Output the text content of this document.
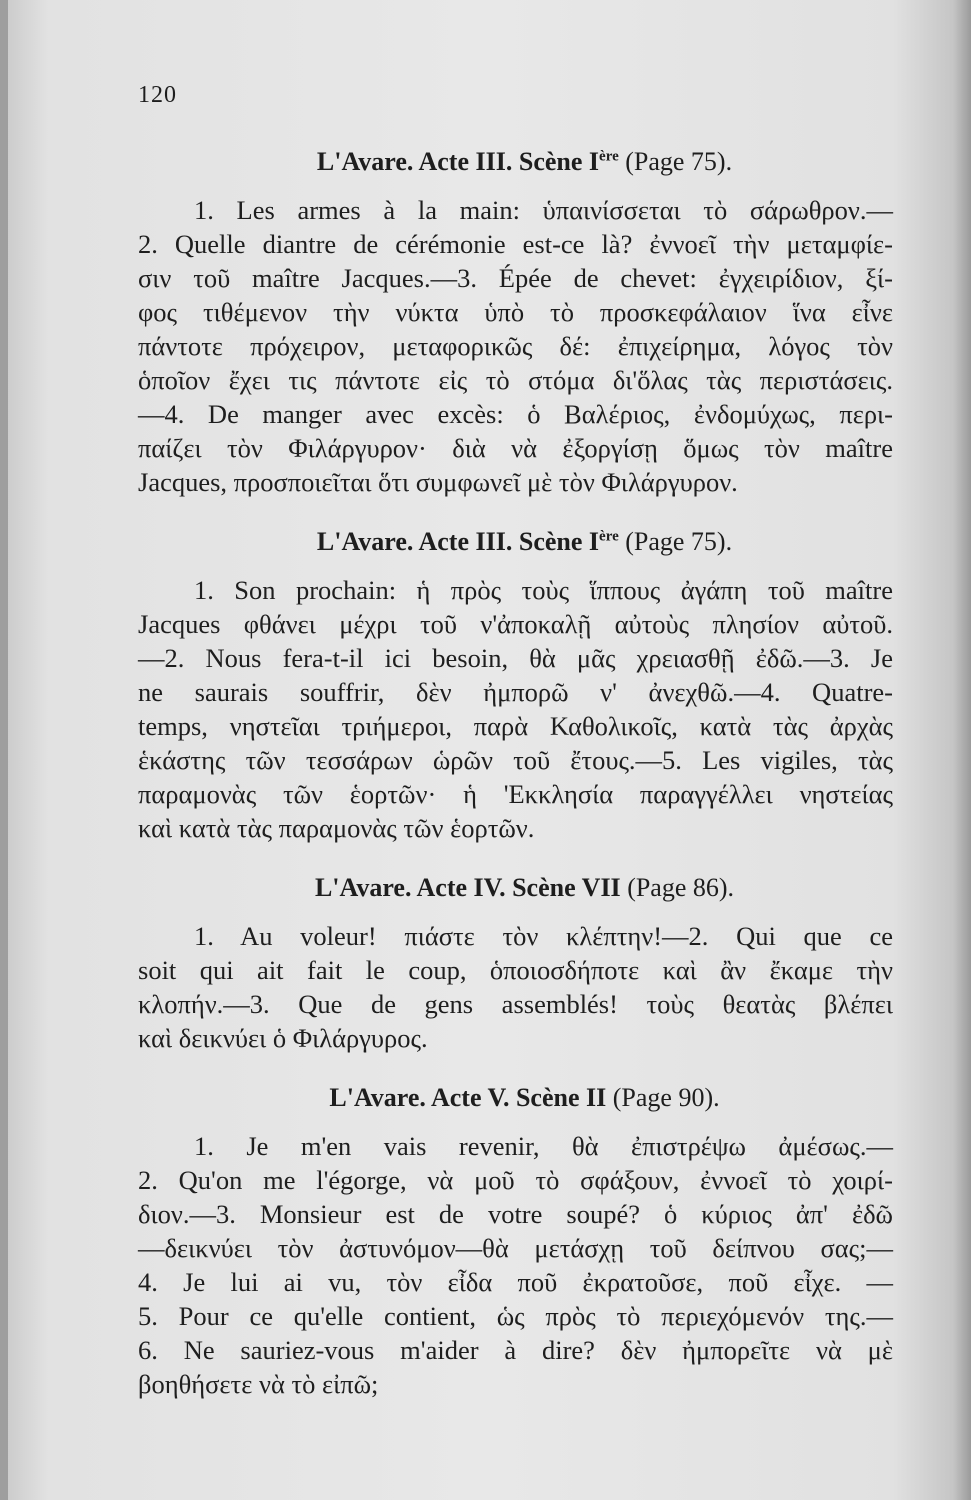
120
L'Avare. Acte III. Scène Ière (Page 75).

1. Les armes à la main: ὑπαινίσσεται τὸ σάρωθρον.—

2. Quelle diantre de cérémonie est-ce là? ἐννοεῖ τὴν μεταμφίε-

σιν τοῦ maître Jacques.—3. Épée de chevet: ἐγχειρίδιον, ξί-

φος τιθέμενον τὴν νύκτα ὑπὸ τὸ προσκεφάλαιον ἵνα εἶνε

πάντοτε πρόχειρον, μεταφορικῶς δέ: ἐπιχείρημα, λόγος τὸν

ὁποῖον ἔχει τις πάντοτε εἰς τὸ στόμα δι'ὅλας τὰς περιστάσεις.

—4. De manger avec excès: ὁ Βαλέριος, ἐνδομύχως, περι-

παίζει τὸν Φιλάργυρον· διὰ νὰ ἐξοργίσῃ ὅμως τὸν maître

Jacques, προσποιεῖται ὅτι συμφωνεῖ μὲ τὸν Φιλάργυρον.

L'Avare. Acte III. Scène Ière (Page 75).

1. Son prochain: ἡ πρὸς τοὺς ἵππους ἀγάπη τοῦ maître

Jacques φθάνει μέχρι τοῦ ν'ἀποκαλῇ αὐτοὺς πλησίον αὐτοῦ.

—2. Nous fera-t-il ici besoin, θὰ μᾶς χρειασθῇ ἐδῶ.—3. Je

ne saurais souffrir, δὲν ἠμπορῶ ν' ἀνεχθῶ.—4. Quatre-

temps, νηστεῖαι τριήμεροι, παρὰ Καθολικοῖς, κατὰ τὰς ἀρχὰς

ἑκάστης τῶν τεσσάρων ὡρῶν τοῦ ἔτους.—5. Les vigiles, τὰς

παραμονὰς τῶν ἑορτῶν· ἡ 'Εκκλησία παραγγέλλει νηστείας

καὶ κατὰ τὰς παραμονὰς τῶν ἑορτῶν.

L'Avare. Acte IV. Scène VII (Page 86).

1. Au voleur! πιάστε τὸν κλέπτην!—2. Qui que ce

soit qui ait fait le coup, ὁποιοσδήποτε καὶ ἂν ἔκαμε τὴν

κλοπήν.—3. Que de gens assemblés! τοὺς θεατὰς βλέπει

καὶ δεικνύει ὁ Φιλάργυρος.

L'Avare. Acte V. Scène II (Page 90).

1. Je m'en vais revenir, θὰ ἐπιστρέψω ἀμέσως.—

2. Qu'on me l'égorge, νὰ μοῦ τὸ σφάξουν, ἐννοεῖ τὸ χοιρί-

διον.—3. Monsieur est de votre soupé? ὁ κύριος ἀπ' ἐδῶ

—δεικνύει τὸν ἀστυνόμον—θὰ μετάσχῃ τοῦ δείπνου σας;—

4. Je lui ai vu, τὸν εἶδα ποῦ ἐκρατοῦσε, ποῦ εἶχε. —

5. Pour ce qu'elle contient, ὡς πρὸς τὸ περιεχόμενόν της.—

6. Ne sauriez-vous m'aider à dire? δὲν ἠμπορεῖτε νὰ μὲ

βοηθήσετε νὰ τὸ εἰπῶ;
